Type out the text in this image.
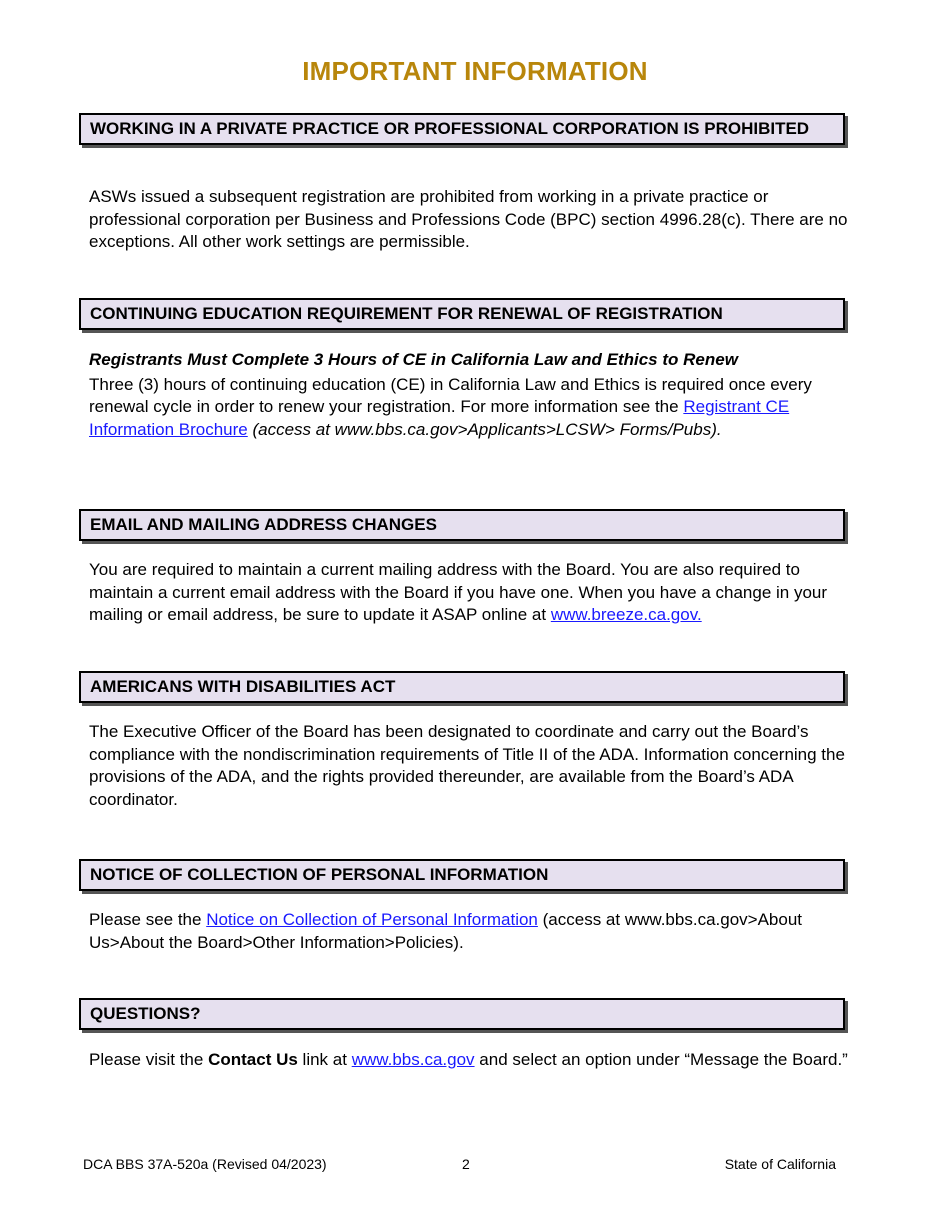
IMPORTANT INFORMATION
WORKING IN A PRIVATE PRACTICE OR PROFESSIONAL CORPORATION IS PROHIBITED

ASWs issued a subsequent registration are prohibited from working in a private practice or professional corporation per Business and Professions Code (BPC) section 4996.28(c). There are no exceptions. All other work settings are permissible.

CONTINUING EDUCATION REQUIREMENT FOR RENEWAL OF REGISTRATION

Registrants Must Complete 3 Hours of CE in California Law and Ethics to Renew

Three (3) hours of continuing education (CE) in California Law and Ethics is required once every renewal cycle in order to renew your registration. For more information see the Registrant CE Information Brochure (access at www.bbs.ca.gov>Applicants>LCSW> Forms/Pubs).

EMAIL AND MAILING ADDRESS CHANGES

You are required to maintain a current mailing address with the Board. You are also required to maintain a current email address with the Board if you have one. When you have a change in your mailing or email address, be sure to update it ASAP online at www.breeze.ca.gov.

AMERICANS WITH DISABILITIES ACT

The Executive Officer of the Board has been designated to coordinate and carry out the Board’s compliance with the nondiscrimination requirements of Title II of the ADA. Information concerning the provisions of the ADA, and the rights provided thereunder, are available from the Board’s ADA coordinator.

NOTICE OF COLLECTION OF PERSONAL INFORMATION

Please see the Notice on Collection of Personal Information (access at www.bbs.ca.gov>About Us>About the Board>Other Information>Policies).

QUESTIONS?

Please visit the Contact Us link at www.bbs.ca.gov and select an option under “Message the Board.”

DCA BBS 37A-520a (Revised 04/2023)	2	State of California
